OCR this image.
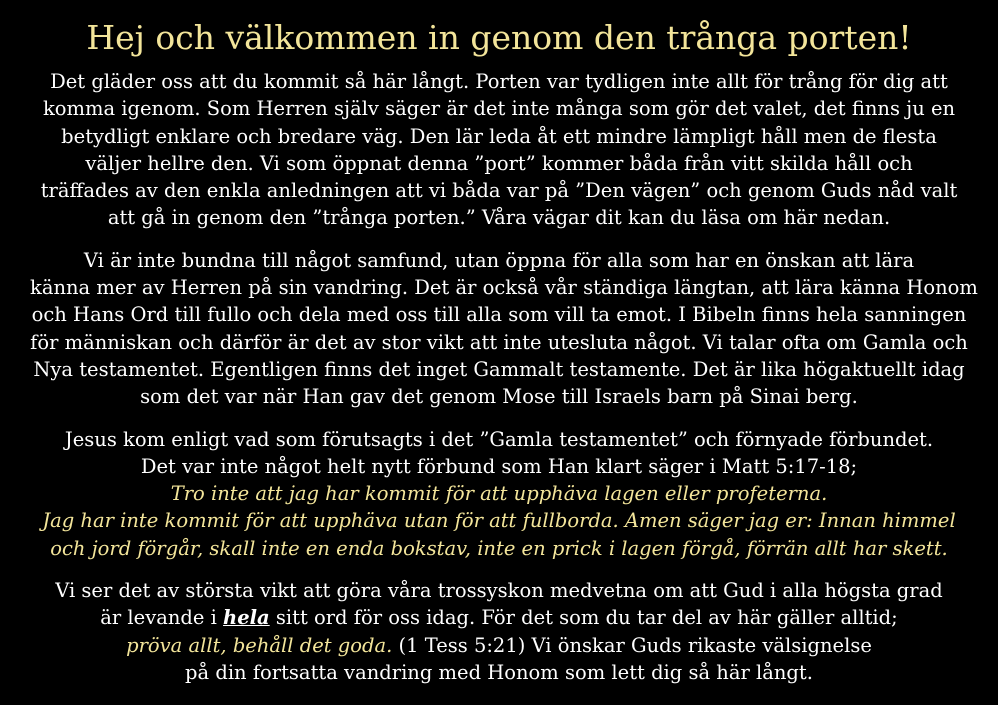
Hej och välkommen in genom den trånga porten!

Det gläder oss att du kommit så här långt. Porten var tydligen inte allt för trång för dig att
komma igenom. Som Herren själv säger är det inte många som gör det valet, det finns ju en
betydligt enklare och bredare väg. Den lär leda åt ett mindre lämpligt håll men de flesta
väljer hellre den. Vi som öppnat denna ”port” kommer båda från vitt skilda håll och
träffades av den enkla anledningen att vi båda var på ”Den vägen” och genom Guds nåd valt
att gå in genom den ”trånga porten.” Våra vägar dit kan du läsa om här nedan.

Vi är inte bundna till något samfund, utan öppna för alla som har en önskan att lära
känna mer av Herren på sin vandring. Det är också vår ständiga längtan, att lära känna Honom
och Hans Ord till fullo och dela med oss till alla som vill ta emot. I Bibeln finns hela sanningen
för människan och därför är det av stor vikt att inte utesluta något. Vi talar ofta om Gamla och
Nya testamentet. Egentligen finns det inget Gammalt testamente. Det är lika högaktuellt idag
som det var när Han gav det genom Mose till Israels barn på Sinai berg.

Jesus kom enligt vad som förutsagts i det ”Gamla testamentet” och förnyade förbundet.
Det var inte något helt nytt förbund som Han klart säger i Matt 5:17-18;
Tro inte att jag har kommit för att upphäva lagen eller profeterna.
Jag har inte kommit för att upphäva utan för att fullborda. Amen säger jag er: Innan himmel
och jord förgår, skall inte en enda bokstav, inte en prick i lagen förgå, förrän allt har skett.

Vi ser det av största vikt att göra våra trossyskon medvetna om att Gud i alla högsta grad
är levande i hela sitt ord för oss idag. För det som du tar del av här gäller alltid;
pröva allt, behåll det goda. (1 Tess 5:21) Vi önskar Guds rikaste välsignelse
på din fortsatta vandring med Honom som lett dig så här långt.
